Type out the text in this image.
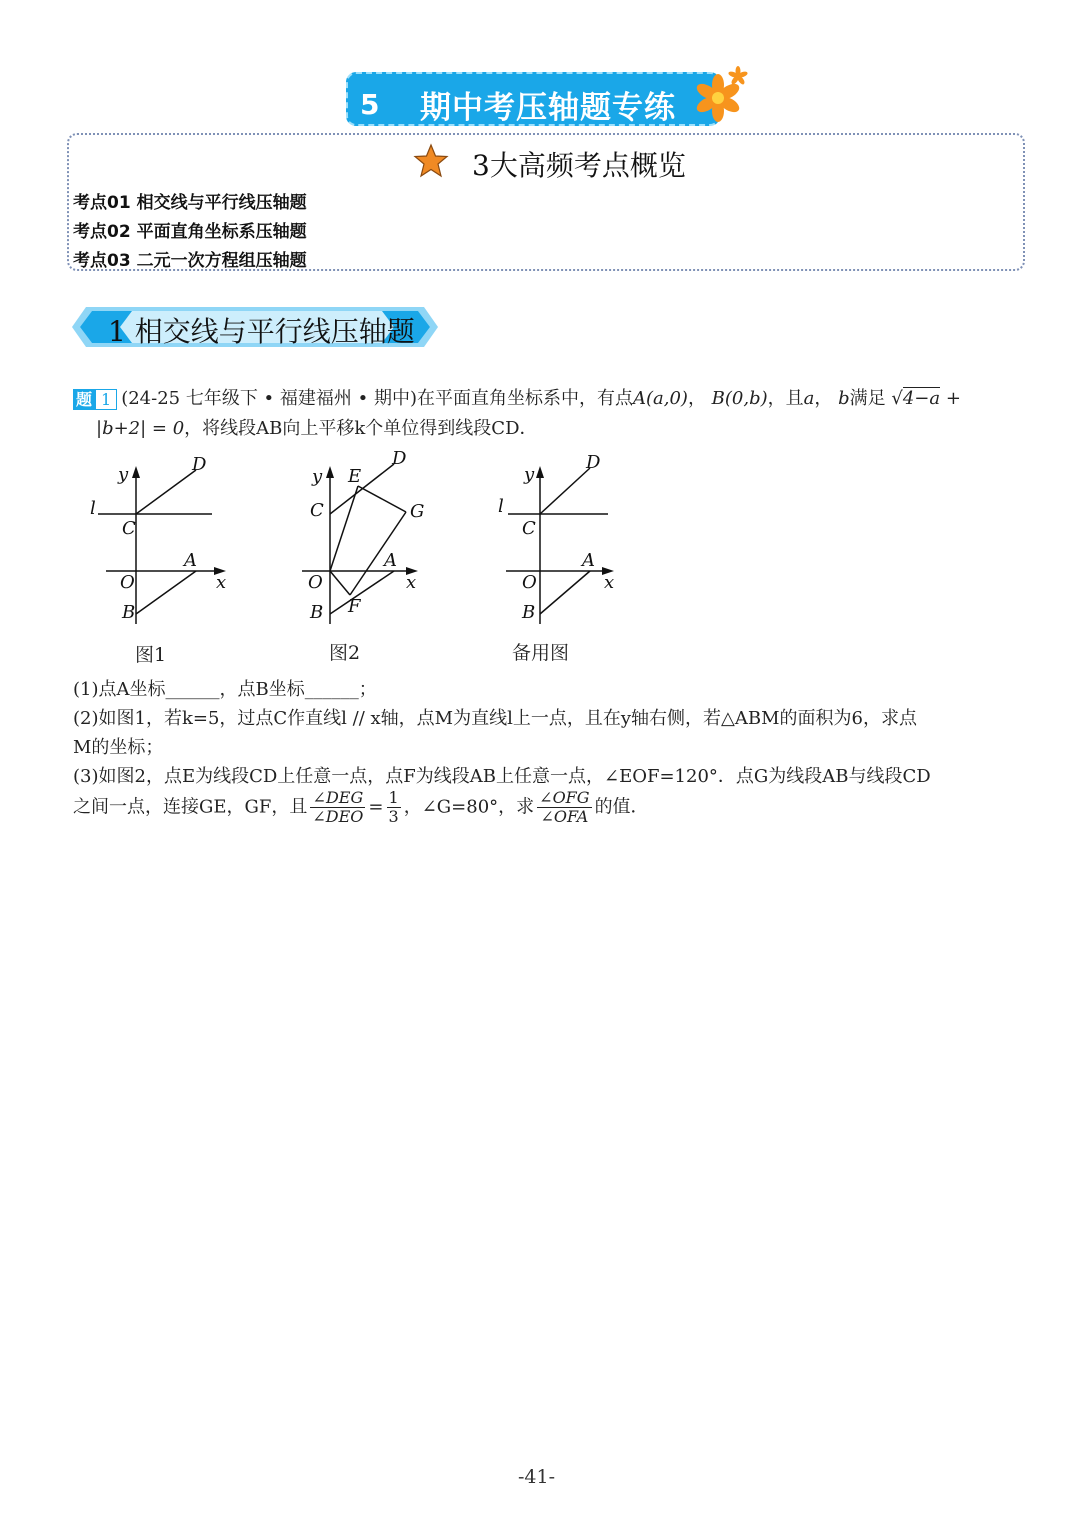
5 期中考压轴题专练
3大高频考点概览
考点01 相交线与平行线压轴题
考点02 平面直角坐标系压轴题
考点03 二元一次方程组压轴题
1 相交线与平行线压轴题
题 1 (24-25 七年级下 • 福建福州 • 期中)在平面直角坐标系中，有点A(a,0)， B(0,b)，且a， b满足 √4−a +
|b+2| = 0，将线段AB向上平移k个单位得到线段CD．
y
x
D
l
C
O
A
B
y
x
D
E
C	G
O
A
B F
y
x
D
l
C
O
A
B
图1	图2	备用图
(1)点A坐标______，点B坐标______；
(2)如图1，若k=5，过点C作直线l // x轴，点M为直线l上一点，且在y轴右侧，若△ABM的面积为6，求点
M的坐标；
(3)如图2，点E为线段CD上任意一点，点F为线段AB上任意一点，∠EOF=120°．点G为线段AB与线段CD
之间一点，连接GE，GF，且 $\frac{\text{∠DEG}}{\text{∠DEO}} = \frac{1}{3}$ ，∠G=80°，求 $\frac{\text{∠OFG}}{\text{∠OFA}}$ 的值．
-41-
